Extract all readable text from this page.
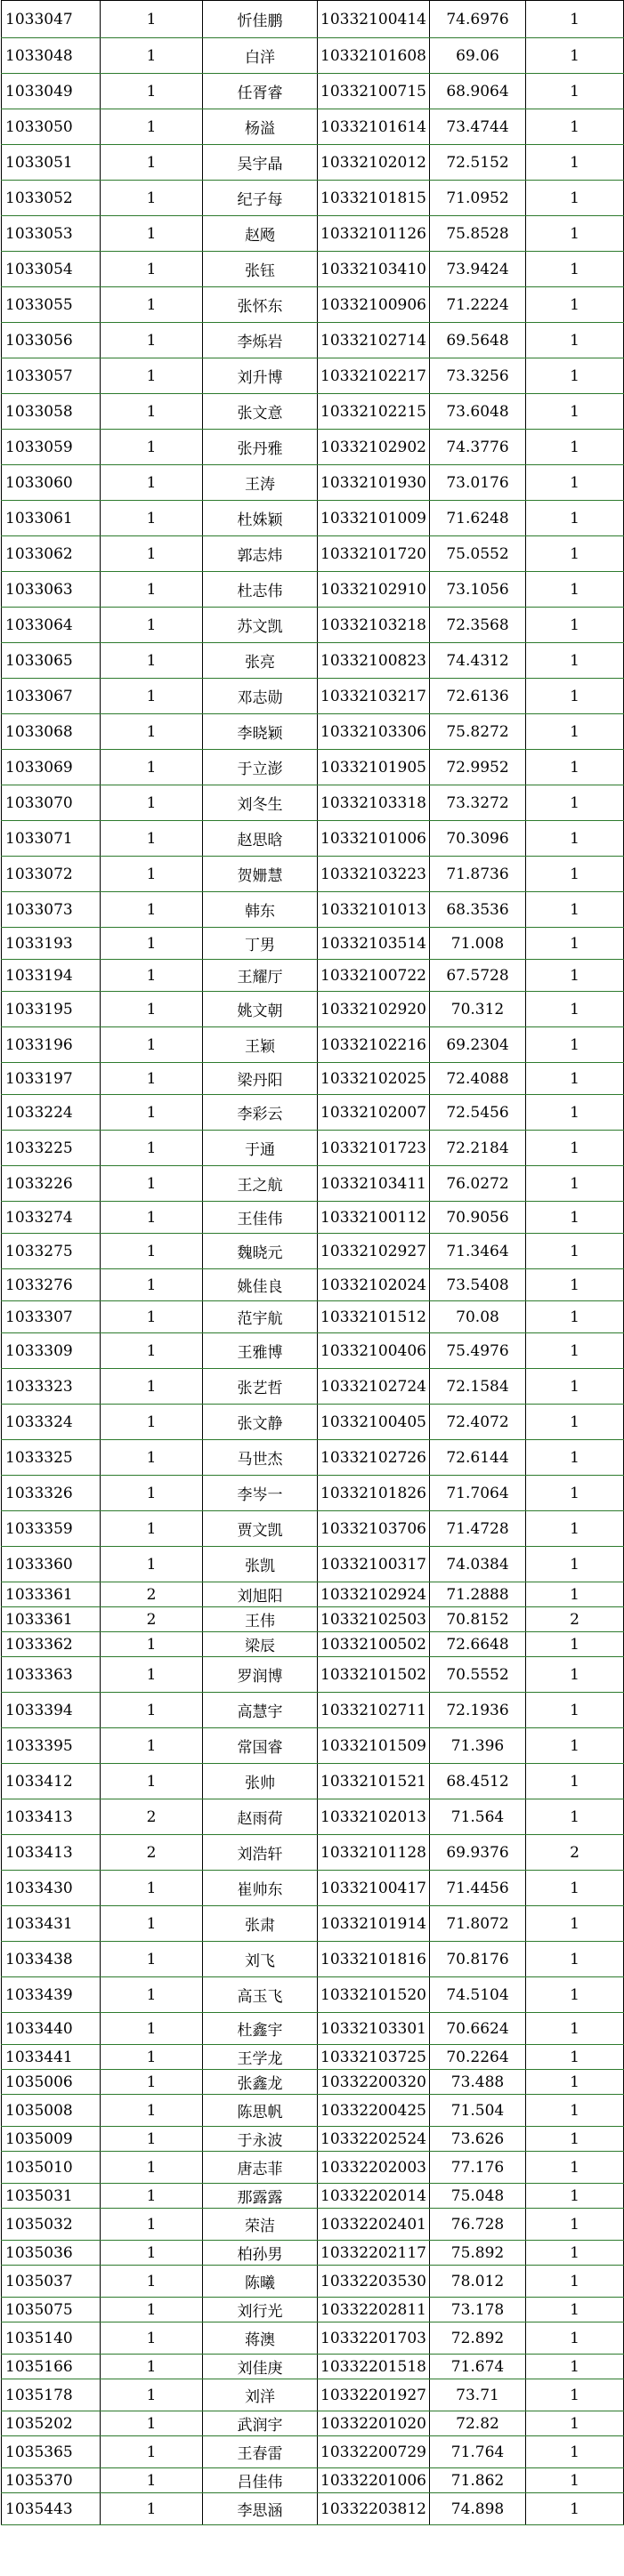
1033047	1	忻佳鹏	10332100414	74.6976	1
1033048	1	白洋	10332101608	69.06	1
1033049	1	任胥睿	10332100715	68.9064	1
1033050	1	杨溢	10332101614	73.4744	1
1033051	1	吴宇晶	10332102012	72.5152	1
1033052	1	纪子每	10332101815	71.0952	1
1033053	1	赵飏	10332101126	75.8528	1
1033054	1	张钰	10332103410	73.9424	1
1033055	1	张怀东	10332100906	71.2224	1
1033056	1	李烁岩	10332102714	69.5648	1
1033057	1	刘升博	10332102217	73.3256	1
1033058	1	张文意	10332102215	73.6048	1
1033059	1	张丹雅	10332102902	74.3776	1
1033060	1	王涛	10332101930	73.0176	1
1033061	1	杜姝颖	10332101009	71.6248	1
1033062	1	郭志炜	10332101720	75.0552	1
1033063	1	杜志伟	10332102910	73.1056	1
1033064	1	苏文凯	10332103218	72.3568	1
1033065	1	张亮	10332100823	74.4312	1
1033067	1	邓志勋	10332103217	72.6136	1
1033068	1	李晓颖	10332103306	75.8272	1
1033069	1	于立澎	10332101905	72.9952	1
1033070	1	刘冬生	10332103318	73.3272	1
1033071	1	赵思晗	10332101006	70.3096	1
1033072	1	贺姗慧	10332103223	71.8736	1
1033073	1	韩东	10332101013	68.3536	1
1033193	1	丁男	10332103514	71.008	1
1033194	1	王耀厅	10332100722	67.5728	1
1033195	1	姚文朝	10332102920	70.312	1
1033196	1	王颖	10332102216	69.2304	1
1033197	1	梁丹阳	10332102025	72.4088	1
1033224	1	李彩云	10332102007	72.5456	1
1033225	1	于通	10332101723	72.2184	1
1033226	1	王之航	10332103411	76.0272	1
1033274	1	王佳伟	10332100112	70.9056	1
1033275	1	魏晓元	10332102927	71.3464	1
1033276	1	姚佳良	10332102024	73.5408	1
1033307	1	范宇航	10332101512	70.08	1
1033309	1	王雅博	10332100406	75.4976	1
1033323	1	张艺哲	10332102724	72.1584	1
1033324	1	张文静	10332100405	72.4072	1
1033325	1	马世杰	10332102726	72.6144	1
1033326	1	李岑一	10332101826	71.7064	1
1033359	1	贾文凯	10332103706	71.4728	1
1033360	1	张凯	10332100317	74.0384	1
1033361	2	刘旭阳	10332102924	71.2888	1
1033361	2	王伟	10332102503	70.8152	2
1033362	1	梁辰	10332100502	72.6648	1
1033363	1	罗润博	10332101502	70.5552	1
1033394	1	高慧宇	10332102711	72.1936	1
1033395	1	常国睿	10332101509	71.396	1
1033412	1	张帅	10332101521	68.4512	1
1033413	2	赵雨荷	10332102013	71.564	1
1033413	2	刘浩轩	10332101128	69.9376	2
1033430	1	崔帅东	10332100417	71.4456	1
1033431	1	张肃	10332101914	71.8072	1
1033438	1	刘飞	10332101816	70.8176	1
1033439	1	高玉飞	10332101520	74.5104	1
1033440	1	杜鑫宇	10332103301	70.6624	1
1033441	1	王学龙	10332103725	70.2264	1
1035006	1	张鑫龙	10332200320	73.488	1
1035008	1	陈思帆	10332200425	71.504	1
1035009	1	于永波	10332202524	73.626	1
1035010	1	唐志菲	10332202003	77.176	1
1035031	1	那露露	10332202014	75.048	1
1035032	1	荣洁	10332202401	76.728	1
1035036	1	柏孙男	10332202117	75.892	1
1035037	1	陈曦	10332203530	78.012	1
1035075	1	刘行光	10332202811	73.178	1
1035140	1	蒋澳	10332201703	72.892	1
1035166	1	刘佳庚	10332201518	71.674	1
1035178	1	刘洋	10332201927	73.71	1
1035202	1	武润宇	10332201020	72.82	1
1035365	1	王春雷	10332200729	71.764	1
1035370	1	吕佳伟	10332201006	71.862	1
1035443	1	李思涵	10332203812	74.898	1
